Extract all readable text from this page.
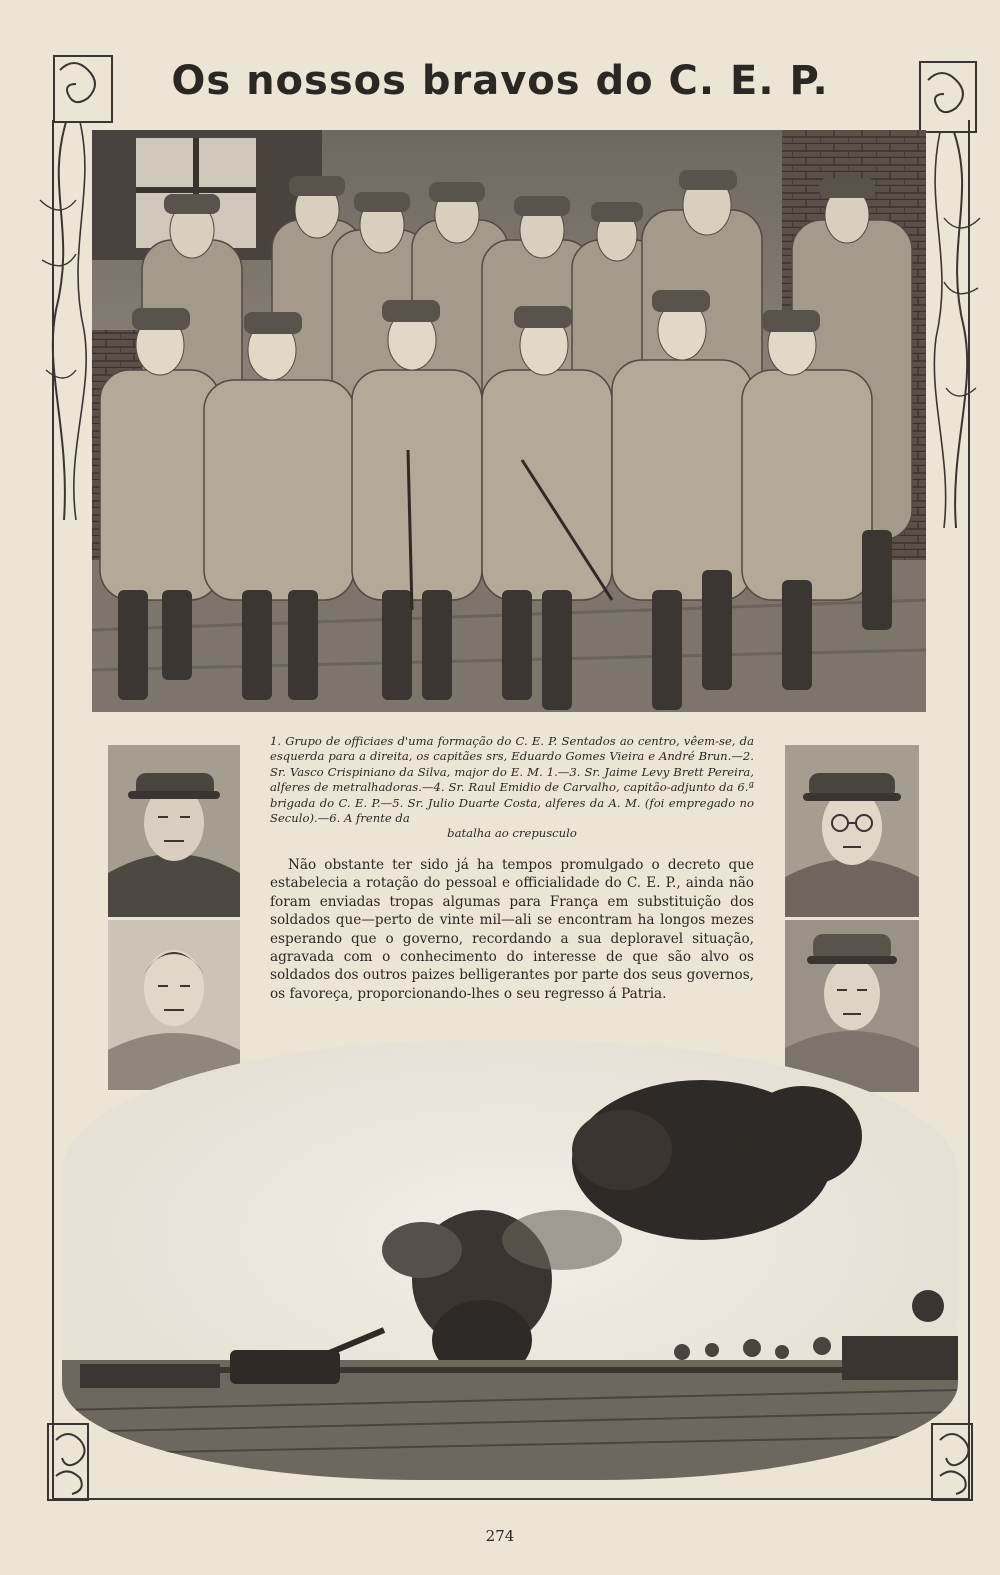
Os nossos bravos do C. E. P.
1. Grupo de officiaes d'uma formação do C. E. P. Sentados ao centro, vêem-se, da esquerda para a direita, os capitães srs, Eduardo Gomes Vieira e André Brun.—2. Sr. Vasco Crispiniano da Silva, major do E. M. 1.—3. Sr. Jaime Levy Brett Pereira, alferes de metralhadoras.—4. Sr. Raul Emidio de Carvalho, capitão-adjunto da 6.ª brigada do C. E. P.—5. Sr. Julio Duarte Costa, alferes da A. M. (foi empregado no Seculo).—6. A frente da
batalha ao crepusculo

Não obstante ter sido já ha tempos promulgado o decreto que estabelecia a rotação do pessoal e officialidade do C. E. P., ainda não foram enviadas tropas algumas para França em substituição dos soldados que—perto de vinte mil—ali se encontram ha longos mezes esperando que o governo, recordando a sua deploravel situação, agravada com o conhecimento do interesse de que são alvo os soldados dos outros paizes belligerantes por parte dos seus governos, os favoreça, proporcionando-lhes o seu regresso á Patria.

274
